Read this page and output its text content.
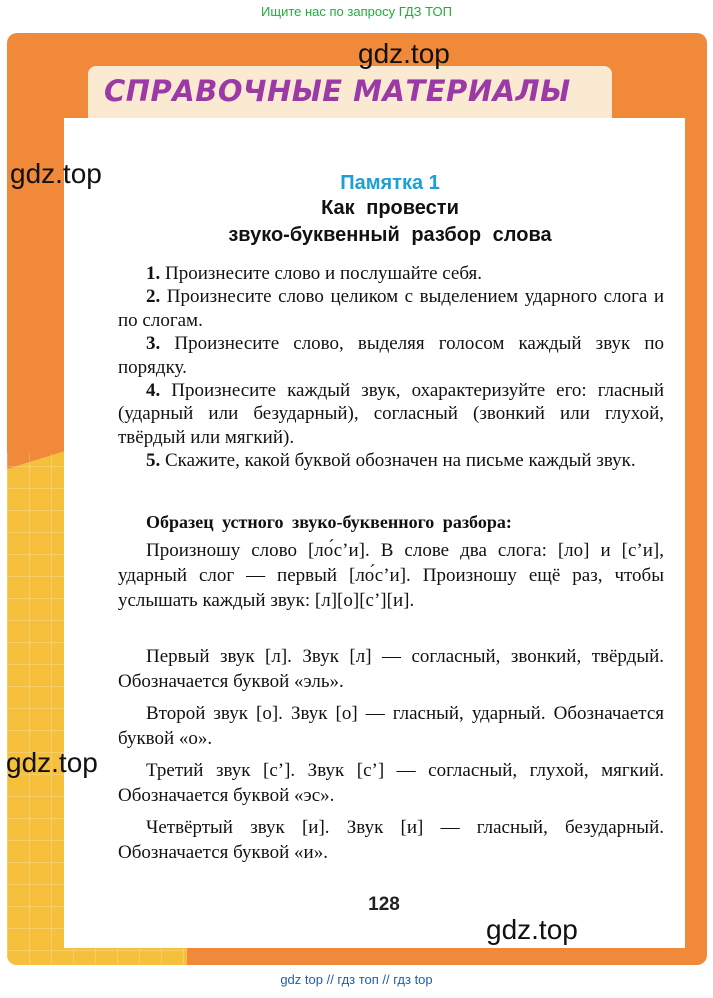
Ищите нас по запросу ГДЗ ТОП
СПРАВОЧНЫЕ МАТЕРИАЛЫ
Памятка 1
Как провести
звуко-буквенный разбор слова

1. Произнесите слово и послушайте себя.

2. Произнесите слово целиком с выделением ударного слога и по слогам.

3. Произнесите слово, выделяя голосом каждый звук по порядку.

4. Произнесите каждый звук, охарактеризуйте его: гласный (ударный или безударный), согласный (звонкий или глухой, твёрдый или мягкий).

5. Скажите, какой буквой обозначен на письме каждый звук.

Образец устного звуко-буквенного разбора:

Произношу слово [ло́с’и]. В слове два слога: [ло] и [с’и], ударный слог — первый [ло́с’и]. Произношу ещё раз, чтобы услышать каждый звук: [л][о][с’][и].

Первый звук [л]. Звук [л] — согласный, звонкий, твёрдый. Обозначается буквой «эль».

Второй звук [о]. Звук [о] — гласный, ударный. Обозначается буквой «о».

Третий звук [с’]. Звук [с’] — согласный, глухой, мягкий. Обозначается буквой «эс».

Четвёртый звук [и]. Звук [и] — гласный, безударный. Обозначается буквой «и».

128
gdz.top
gdz.top
gdz.top
gdz.top
gdz top // гдз топ // гдз top
